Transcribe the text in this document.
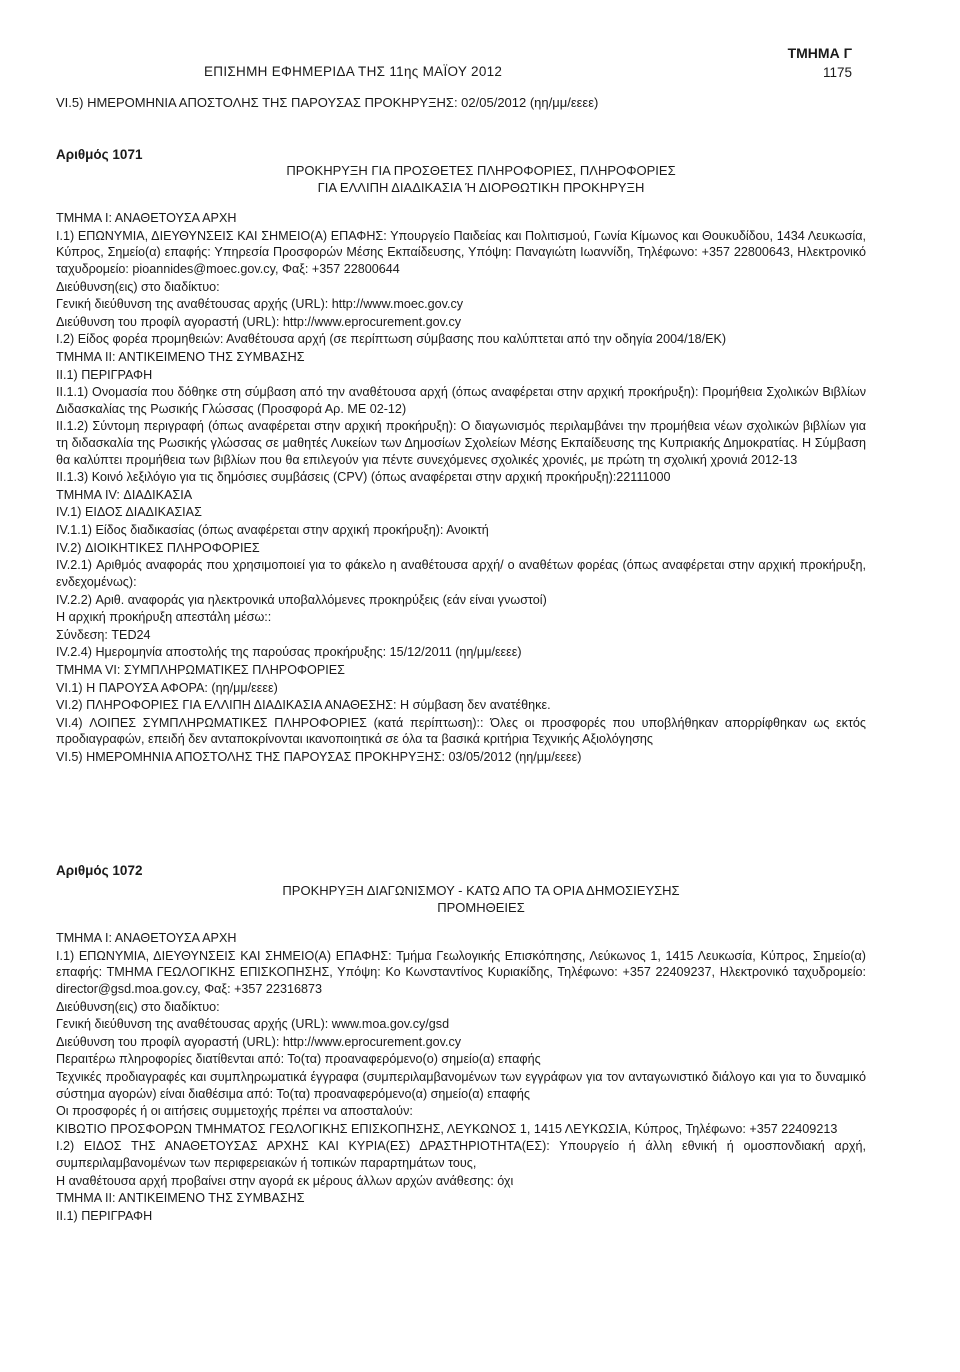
ΕΠΙΣΗΜΗ ΕΦΗΜΕΡΙΔΑ ΤΗΣ 11ης ΜΑΪΟΥ 2012
ΤΜΗΜΑ Γ
1175
VI.5) ΗΜΕΡΟΜΗΝΙΑ ΑΠΟΣΤΟΛΗΣ ΤΗΣ ΠΑΡΟΥΣΑΣ ΠΡΟΚΗΡΥΞΗΣ: 02/05/2012 (ηη/μμ/εεεε)
Αριθμός 1071
ΠΡΟΚΗΡΥΞΗ ΓΙΑ ΠΡΟΣΘΕΤΕΣ ΠΛΗΡΟΦΟΡΙΕΣ, ΠΛΗΡΟΦΟΡΙΕΣ
ΓΙΑ ΕΛΛΙΠΗ ΔΙΑΔΙΚΑΣΙΑ Ή ΔΙΟΡΘΩΤΙΚΗ ΠΡΟΚΗΡΥΞΗ
ΤΜΗΜΑ Ι: ΑΝΑΘΕΤΟΥΣΑ ΑΡΧΗ
Ι.1) ΕΠΩΝΥΜΙΑ, ΔΙΕΥΘΥΝΣΕΙΣ ΚΑΙ ΣΗΜΕΙΟ(Α) ΕΠΑΦΗΣ: Υπουργείο Παιδείας και Πολιτισμού, Γωνία Κίμωνος και Θουκυδίδου, 1434 Λευκωσία, Κύπρος, Σημείο(α) επαφής: Υπηρεσία Προσφορών Μέσης Εκπαίδευσης, Υπόψη: Παναγιώτη Ιωαννίδη, Τηλέφωνο: +357 22800643, Ηλεκτρονικό ταχυδρομείο: pioannides@moec.gov.cy, Φαξ: +357 22800644
Διεύθυνση(εις) στο διαδίκτυο:
Γενική διεύθυνση της αναθέτουσας αρχής (URL): http://www.moec.gov.cy
Διεύθυνση του προφίλ αγοραστή (URL): http://www.eprocurement.gov.cy
Ι.2) Είδος φορέα προμηθειών: Αναθέτουσα αρχή (σε περίπτωση σύμβασης που καλύπτεται από την οδηγία 2004/18/ΕΚ)
ΤΜΗΜΑ ΙΙ: ΑΝΤΙΚΕΙΜΕΝΟ ΤΗΣ ΣΥΜΒΑΣΗΣ
ΙΙ.1) ΠΕΡΙΓΡΑΦΗ
ΙΙ.1.1) Ονομασία που δόθηκε στη σύμβαση από την αναθέτουσα αρχή (όπως αναφέρεται στην αρχική προκήρυξη): Προμήθεια Σχολικών Βιβλίων Διδασκαλίας της Ρωσικής Γλώσσας (Προσφορά Αρ. ΜΕ 02-12)
ΙΙ.1.2) Σύντομη περιγραφή (όπως αναφέρεται στην αρχική προκήρυξη): Ο διαγωνισμός περιλαμβάνει την προμήθεια νέων σχολικών βιβλίων για τη διδασκαλία της Ρωσικής γλώσσας σε μαθητές Λυκείων των Δημοσίων Σχολείων Μέσης Εκπαίδευσης της Κυπριακής Δημοκρατίας. Η Σύμβαση θα καλύπτει προμήθεια των βιβλίων που θα επιλεγούν για πέντε συνεχόμενες σχολικές χρονιές, με πρώτη τη σχολική χρονιά 2012-13
ΙΙ.1.3) Κοινό λεξιλόγιο για τις δημόσιες συμβάσεις (CPV) (όπως αναφέρεται στην αρχική προκήρυξη):22111000
ΤΜΗΜΑ IV: ΔΙΑΔΙΚΑΣΙΑ
IV.1) ΕΙΔΟΣ ΔΙΑΔΙΚΑΣΙΑΣ
IV.1.1) Είδος διαδικασίας (όπως αναφέρεται στην αρχική προκήρυξη): Ανοικτή
IV.2) ΔΙΟΙΚΗΤΙΚΕΣ ΠΛΗΡΟΦΟΡΙΕΣ
IV.2.1) Αριθμός αναφοράς που χρησιμοποιεί για το φάκελο η αναθέτουσα αρχή/ ο αναθέτων φορέας (όπως αναφέρεται στην αρχική προκήρυξη, ενδεχομένως):
IV.2.2) Αριθ. αναφοράς για ηλεκτρονικά υποβαλλόμενες προκηρύξεις (εάν είναι γνωστοί)
Η αρχική προκήρυξη απεστάλη μέσω::
Σύνδεση: TED24
IV.2.4) Ημερομηνία αποστολής της παρούσας προκήρυξης: 15/12/2011 (ηη/μμ/εεεε)
ΤΜΗΜΑ VI: ΣΥΜΠΛΗΡΩΜΑΤΙΚΕΣ ΠΛΗΡΟΦΟΡΙΕΣ
VI.1) Η ΠΑΡΟΥΣΑ ΑΦΟΡΑ: (ηη/μμ/εεεε)
VI.2) ΠΛΗΡΟΦΟΡΙΕΣ ΓΙΑ ΕΛΛΙΠΗ ΔΙΑΔΙΚΑΣΙΑ ΑΝΑΘΕΣΗΣ: Η σύμβαση δεν ανατέθηκε.
VI.4) ΛΟΙΠΕΣ ΣΥΜΠΛΗΡΩΜΑΤΙΚΕΣ ΠΛΗΡΟΦΟΡΙΕΣ (κατά περίπτωση):: Όλες οι προσφορές που υποβλήθηκαν απορρίφθηκαν ως εκτός προδιαγραφών, επειδή δεν ανταποκρίνονται ικανοποιητικά σε όλα τα βασικά κριτήρια Τεχνικής Αξιολόγησης
VI.5) ΗΜΕΡΟΜΗΝΙΑ ΑΠΟΣΤΟΛΗΣ ΤΗΣ ΠΑΡΟΥΣΑΣ ΠΡΟΚΗΡΥΞΗΣ: 03/05/2012 (ηη/μμ/εεεε)
Αριθμός 1072
ΠΡΟΚΗΡΥΞΗ ΔΙΑΓΩΝΙΣΜΟΥ - ΚΑΤΩ ΑΠΟ ΤΑ ΟΡΙΑ ΔΗΜΟΣΙΕΥΣΗΣ
ΠΡΟΜΗΘΕΙΕΣ
ΤΜΗΜΑ Ι: ΑΝΑΘΕΤΟΥΣΑ ΑΡΧΗ
Ι.1) ΕΠΩΝΥΜΙΑ, ΔΙΕΥΘΥΝΣΕΙΣ ΚΑΙ ΣΗΜΕΙΟ(Α) ΕΠΑΦΗΣ: Τμήμα Γεωλογικής Επισκόπησης, Λεύκωνος 1, 1415 Λευκωσία, Κύπρος, Σημείο(α) επαφής: ΤΜΗΜΑ ΓΕΩΛΟΓΙΚΗΣ ΕΠΙΣΚΟΠΗΣΗΣ, Υπόψη: Κο Κωνσταντίνος Κυριακίδης, Τηλέφωνο: +357 22409237, Ηλεκτρονικό ταχυδρομείο: director@gsd.moa.gov.cy, Φαξ: +357 22316873
Διεύθυνση(εις) στο διαδίκτυο:
Γενική διεύθυνση της αναθέτουσας αρχής (URL): www.moa.gov.cy/gsd
Διεύθυνση του προφίλ αγοραστή (URL): http://www.eprocurement.gov.cy
Περαιτέρω πληροφορίες διατίθενται από: Το(τα) προαναφερόμενο(ο) σημείο(α) επαφής
Τεχνικές προδιαγραφές και συμπληρωματικά έγγραφα (συμπεριλαμβανομένων των εγγράφων για τον ανταγωνιστικό διάλογο και για το δυναμικό σύστημα αγορών) είναι διαθέσιμα από: Το(τα) προαναφερόμενο(α) σημείο(α) επαφής
Οι προσφορές ή οι αιτήσεις συμμετοχής πρέπει να αποσταλούν:
ΚΙΒΩΤΙΟ ΠΡΟΣΦΟΡΩΝ ΤΜΗΜΑΤΟΣ ΓΕΩΛΟΓΙΚΗΣ ΕΠΙΣΚΟΠΗΣΗΣ, ΛΕΥΚΩΝΟΣ 1, 1415 ΛΕΥΚΩΣΙΑ, Κύπρος, Τηλέφωνο: +357 22409213
Ι.2) ΕΙΔΟΣ ΤΗΣ ΑΝΑΘΕΤΟΥΣΑΣ ΑΡΧΗΣ ΚΑΙ ΚΥΡΙΑ(ΕΣ) ΔΡΑΣΤΗΡΙΟΤΗΤΑ(ΕΣ): Υπουργείο ή άλλη εθνική ή ομοσπονδιακή αρχή, συμπεριλαμβανομένων των περιφερειακών ή τοπικών παραρτημάτων τους,
Η αναθέτουσα αρχή προβαίνει στην αγορά εκ μέρους άλλων αρχών ανάθεσης: όχι
ΤΜΗΜΑ ΙΙ: ΑΝΤΙΚΕΙΜΕΝΟ ΤΗΣ ΣΥΜΒΑΣΗΣ
ΙΙ.1) ΠΕΡΙΓΡΑΦΗ
